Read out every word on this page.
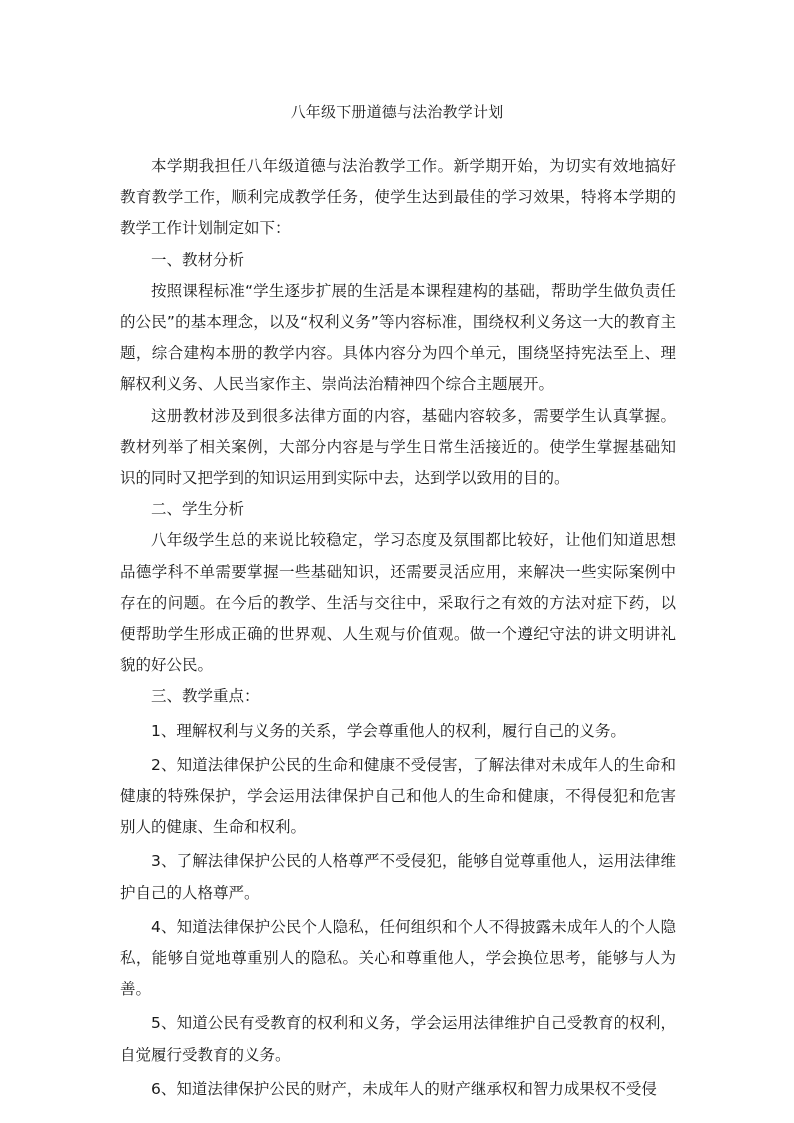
八年级下册道德与法治教学计划

本学期我担任八年级道德与法治教学工作。新学期开始，为切实有效地搞好教育教学工作，顺利完成教学任务，使学生达到最佳的学习效果，特将本学期的教学工作计划制定如下：

一、教材分析

按照课程标准“学生逐步扩展的生活是本课程建构的基础，帮助学生做负责任的公民”的基本理念，以及“权利义务”等内容标准，围绕权利义务这一大的教育主题，综合建构本册的教学内容。具体内容分为四个单元，围绕坚持宪法至上、理解权利义务、人民当家作主、崇尚法治精神四个综合主题展开。

这册教材涉及到很多法律方面的内容，基础内容较多，需要学生认真掌握。教材列举了相关案例，大部分内容是与学生日常生活接近的。使学生掌握基础知识的同时又把学到的知识运用到实际中去，达到学以致用的目的。

二、学生分析

八年级学生总的来说比较稳定，学习态度及氛围都比较好，让他们知道思想品德学科不单需要掌握一些基础知识，还需要灵活应用，来解决一些实际案例中存在的问题。在今后的教学、生活与交往中，采取行之有效的方法对症下药，以便帮助学生形成正确的世界观、人生观与价值观。做一个遵纪守法的讲文明讲礼貌的好公民。

三、教学重点：

1、理解权利与义务的关系，学会尊重他人的权利，履行自己的义务。

2、知道法律保护公民的生命和健康不受侵害，了解法律对未成年人的生命和健康的特殊保护，学会运用法律保护自己和他人的生命和健康，不得侵犯和危害别人的健康、生命和权利。

3、了解法律保护公民的人格尊严不受侵犯，能够自觉尊重他人，运用法律维护自己的人格尊严。

4、知道法律保护公民个人隐私，任何组织和个人不得披露未成年人的个人隐私，能够自觉地尊重别人的隐私。关心和尊重他人，学会换位思考，能够与人为善。

5、知道公民有受教育的权利和义务，学会运用法律维护自己受教育的权利，自觉履行受教育的义务。

6、知道法律保护公民的财产，未成年人的财产继承权和智力成果权不受侵
